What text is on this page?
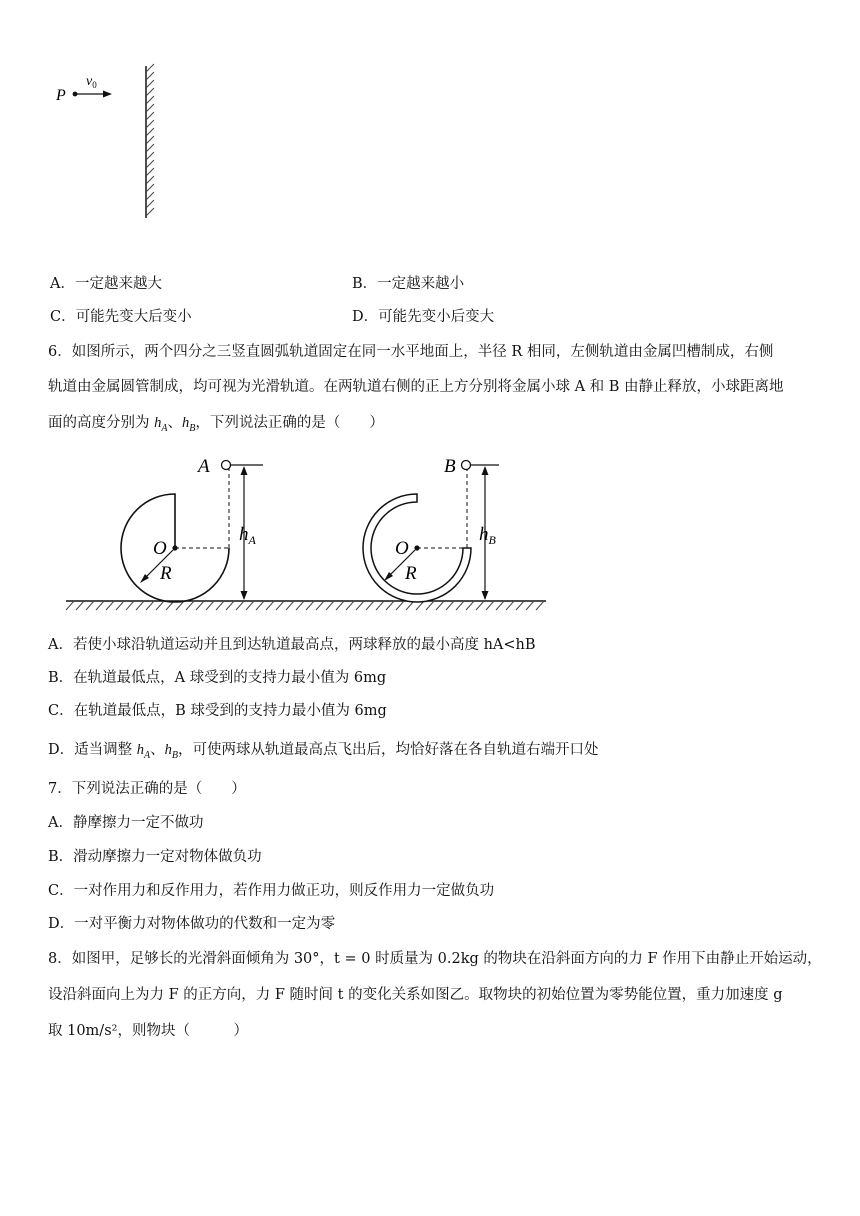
P
$v_0$
A．一定越来越大	B．一定越来越小
C．可能先变大后变小	D．可能先变小后变大
6．如图所示，两个四分之三竖直圆弧轨道固定在同一水平地面上，半径 R 相同，左侧轨道由金属凹槽制成，右侧
轨道由金属圆管制成，均可视为光滑轨道。在两轨道右侧的正上方分别将金属小球 A 和 B 由静止释放，小球距离地
面的高度分别为 $h_A$、$h_B$，下列说法正确的是（　　）
O
R
A
$h_A$	O
R
B
$h_B$
A．若使小球沿轨道运动并且到达轨道最高点，两球释放的最小高度 hA<hB
B．在轨道最低点，A 球受到的支持力最小值为 6mg
C．在轨道最低点，B 球受到的支持力最小值为 6mg
D．适当调整 $h_A$、$h_B$，可使两球从轨道最高点飞出后，均恰好落在各自轨道右端开口处
7．下列说法正确的是（　　）
A．静摩擦力一定不做功
B．滑动摩擦力一定对物体做负功
C．一对作用力和反作用力，若作用力做正功，则反作用力一定做负功
D．一对平衡力对物体做功的代数和一定为零
8．如图甲，足够长的光滑斜面倾角为 30°，t = 0 时质量为 0.2kg 的物块在沿斜面方向的力 F 作用下由静止开始运动，
设沿斜面向上为力 F 的正方向，力 F 随时间 t 的变化关系如图乙。取物块的初始位置为零势能位置，重力加速度 g
取 10m/s²，则物块（　　　）
